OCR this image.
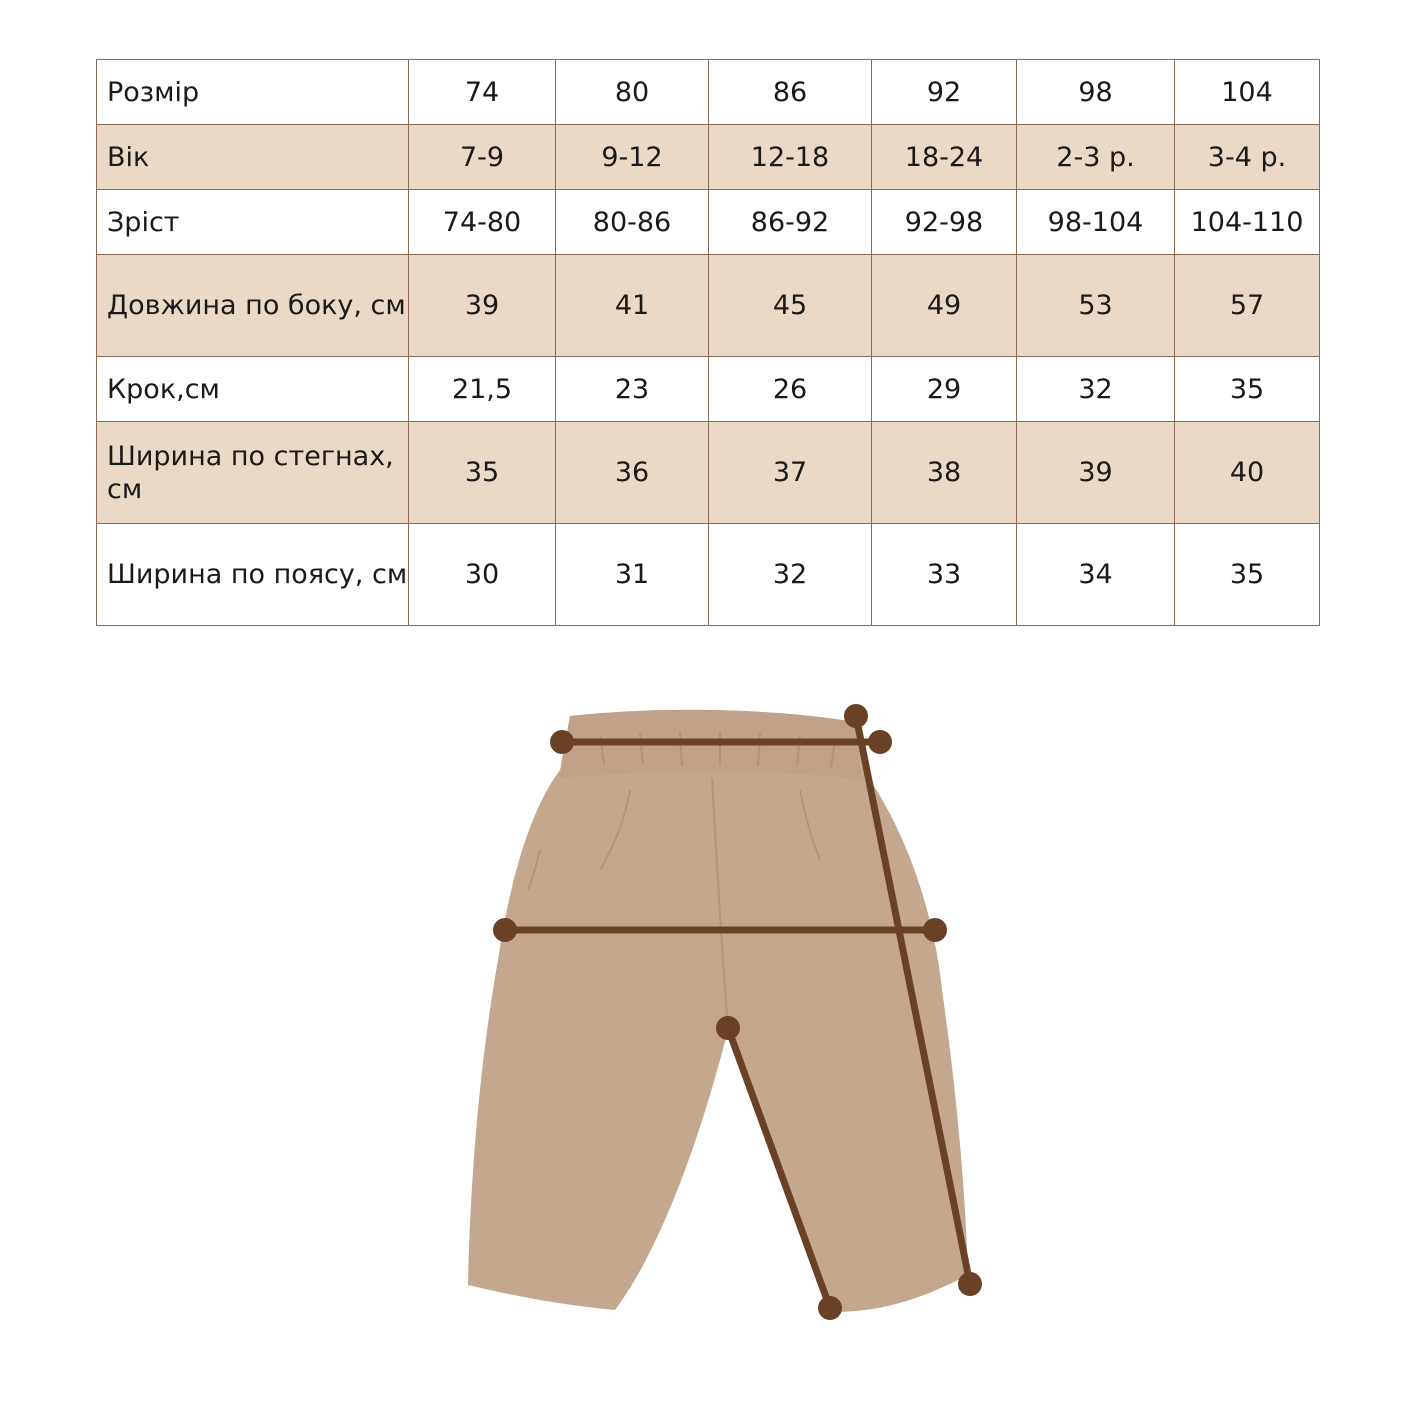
Розмір	74	80	86	92	98	104
Вік	7-9	9-12	12-18	18-24	2-3 р.	3-4 р.
Зріст	74-80	80-86	86-92	92-98	98-104	104-110
Довжина по боку, см	39	41	45	49	53	57
Крок,см	21,5	23	26	29	32	35
Ширина по стегнах, см	35	36	37	38	39	40
Ширина по поясу, см	30	31	32	33	34	35
